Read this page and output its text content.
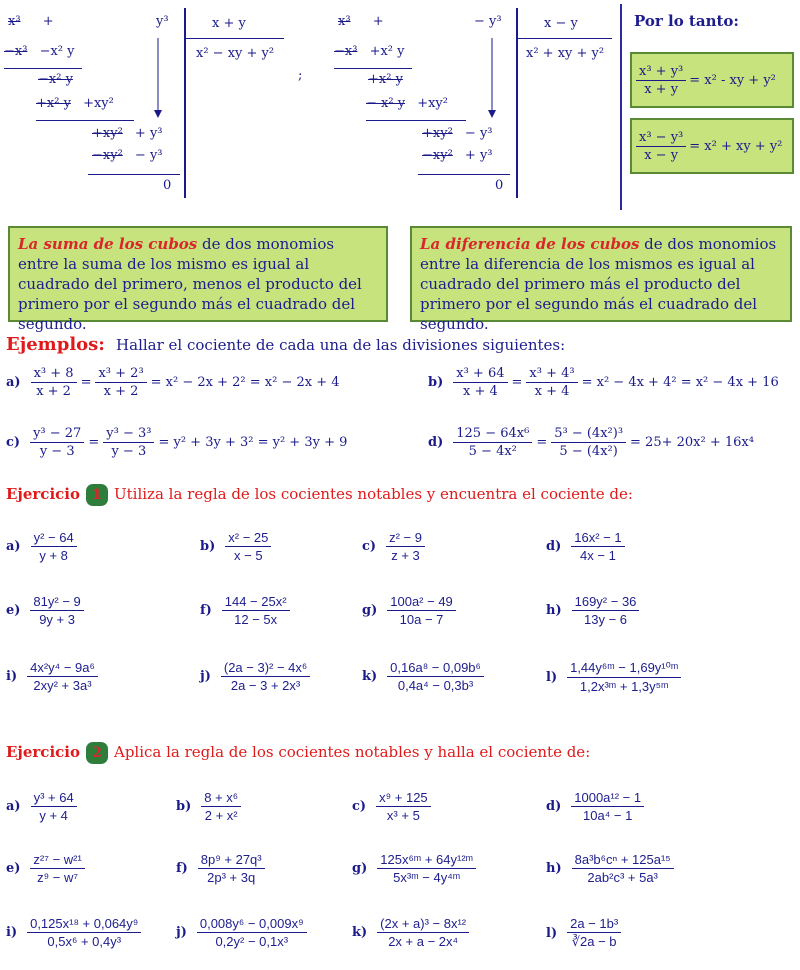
x³ +	y³
−x³ −x² y
−x² y
+x² y +xy²
+xy² + y³
−xy² − y³
0
x + y
x² − xy + y²
;
x³ +	− y³
−x³ +x² y
+x² y
− x² y +xy²
+xy² − y³
−xy² + y³
0
x − y
x² + xy + y²
Por lo tanto:
$\frac{\text{x³ + y³}}{x + y} = x^2$ - xy + y²
$\frac{\text{x³ − y³}}{x - y} = x^2$ + xy + y²
La suma de los cubos de dos monomios entre la suma de los mismo es igual al cuadrado del primero, menos el producto del primero por el segundo más el cuadrado del segundo.
La diferencia de los cubos de dos monomios entre la diferencia de los mismos es igual al cuadrado del primero más el producto del primero por el segundo más el cuadrado del segundo.
Ejemplos: Hallar el cociente de cada una de las divisiones siguientes:
$a) \frac{\text{x³ + 8}}{x + 2} = \frac{\text{x³ + 2³}}{x + 2} = x^2 - 2x + 2^2 = x^2 - 2x + 4$	$b) \frac{\text{x³ + 64}}{x + 4} = \frac{\text{x³ + 4³}}{x + 4} = x^2 - 4x + 4^2 = x^2 - 4x + 16$
$c) \frac{\text{y³ − 27}}{y - 3} = \frac{\text{y³ − 3³}}{y - 3} = y^2 + 3y + 3^2 = y^2 + 3y + 9$	$d) \frac{\text{125 − 64x⁶}}{\text{5 − 4x²}} = \frac{\text{5³ − (4x²)³}}{\text{5 − (4x²)}} = 25+ 20x^2 + 16x^4$
Ejercicio 1 Utiliza la regla de los cocientes notables y encuentra el cociente de:
$a) \frac{\text{y² − 64}}{y + 8}$	$b) \frac{\text{x² − 25}}{x - 5}$	$c) \frac{\text{z² − 9}}{z + 3}$	$d) \frac{\text{16x² − 1}}{4x - 1}$
$e) \frac{\text{81y² − 9}}{9y + 3}$	$f) \frac{\text{144 − 25x²}}{12 - 5x}$	$g) \frac{\text{100a² − 49}}{10a - 7}$	$h) \frac{\text{169y² − 36}}{13y - 6}$
$i) \frac{\text{4x²y⁴ − 9a⁶}}{\text{2xy² + 3a³}}$	$j) \frac{\text{(2a − 3)² − 4x⁶}}{\text{2a − 3 + 2x³}}$	$k) \frac{\text{0,16a⁸ − 0,09b⁶}}{\text{0,4a⁴ − 0,3b³}}$	$l) \frac{\text{1,44y⁶ᵐ − 1,69y¹⁰ᵐ}}{\text{1,2x³ᵐ + 1,3y⁵ᵐ}}$
Ejercicio 2 Aplica la regla de los cocientes notables y halla el cociente de:
$a) \frac{\text{y³ + 64}}{y + 4}$	$b) \frac{\text{8 + x⁶}}{\text{2 + x²}}$	$c) \frac{\text{x⁹ + 125}}{\text{x³ + 5}}$	$d) \frac{\text{1000a¹² − 1}}{\text{10a⁴ − 1}}$
$e) \frac{\text{z²⁷ − w²¹}}{\text{z⁹ − w⁷}}$	$f) \frac{\text{8p⁹ + 27q³}}{\text{2p³ + 3q}}$	$g) \frac{\text{125x⁶ᵐ + 64y¹²ᵐ}}{\text{5x³ᵐ − 4y⁴ᵐ}}$	$h) \frac{\text{8a³b⁶cⁿ + 125a¹⁵}}{\text{2ab²c³ + 5a³}}$
$i) \frac{\text{0,125x¹⁸ + 0,064y⁹}}{\text{0,5x⁶ + 0,4y³}}$	$j) \frac{\text{0,008y⁶ − 0,009x⁹}}{\text{0,2y² − 0,1x³}}$	$k) \frac{\text{(2x + a)³ − 8x¹²}}{\text{2x + a − 2x⁴}}$	$l) \frac{\text{2a − 1b³}}{∛2a - b}$
